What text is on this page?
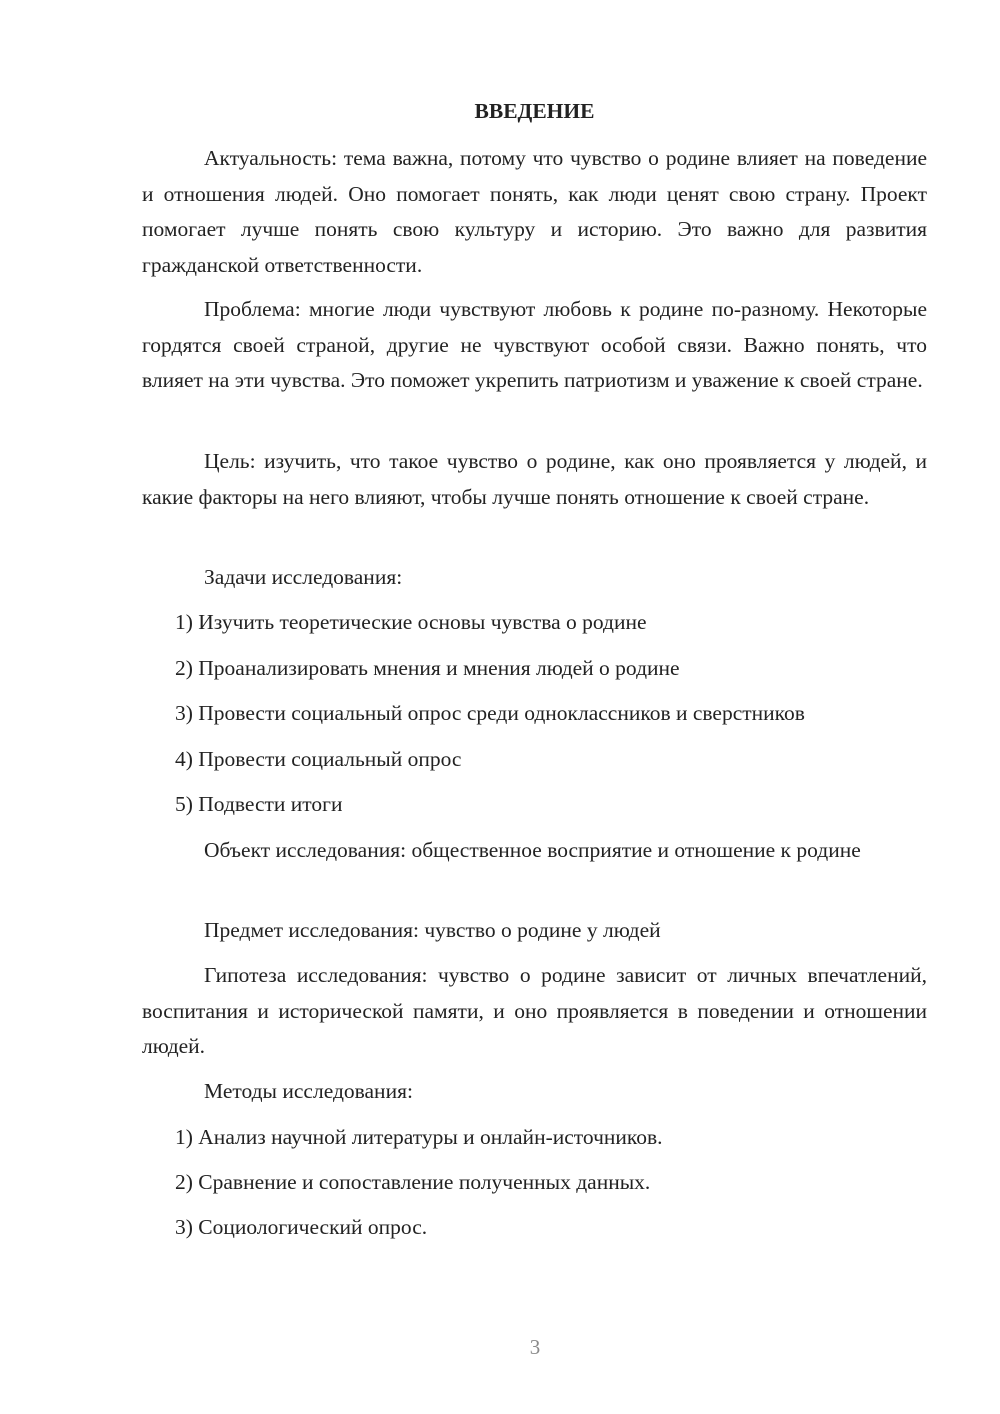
ВВЕДЕНИЕ

Актуальность: тема важна, потому что чувство о родине влияет на поведение и отношения людей. Оно помогает понять, как люди ценят свою страну. Проект помогает лучше понять свою культуру и историю. Это важно для развития гражданской ответственности.

Проблема: многие люди чувствуют любовь к родине по-разному. Некоторые гордятся своей страной, другие не чувствуют особой связи. Важно понять, что влияет на эти чувства. Это поможет укрепить патриотизм и уважение к своей стране.

Цель: изучить, что такое чувство о родине, как оно проявляется у людей, и какие факторы на него влияют, чтобы лучше понять отношение к своей стране.

Задачи исследования:

1) Изучить теоретические основы чувства о родине

2) Проанализировать мнения и мнения людей о родине

3) Провести социальный опрос среди одноклассников и сверстников

4) Провести социальный опрос

5) Подвести итоги

Объект исследования: общественное восприятие и отношение к родине

Предмет исследования: чувство о родине у людей

Гипотеза исследования: чувство о родине зависит от личных впечатлений, воспитания и исторической памяти, и оно проявляется в поведении и отношении людей.

Методы исследования:

1) Анализ научной литературы и онлайн-источников.

2) Сравнение и сопоставление полученных данных.

3) Социологический опрос.

3
